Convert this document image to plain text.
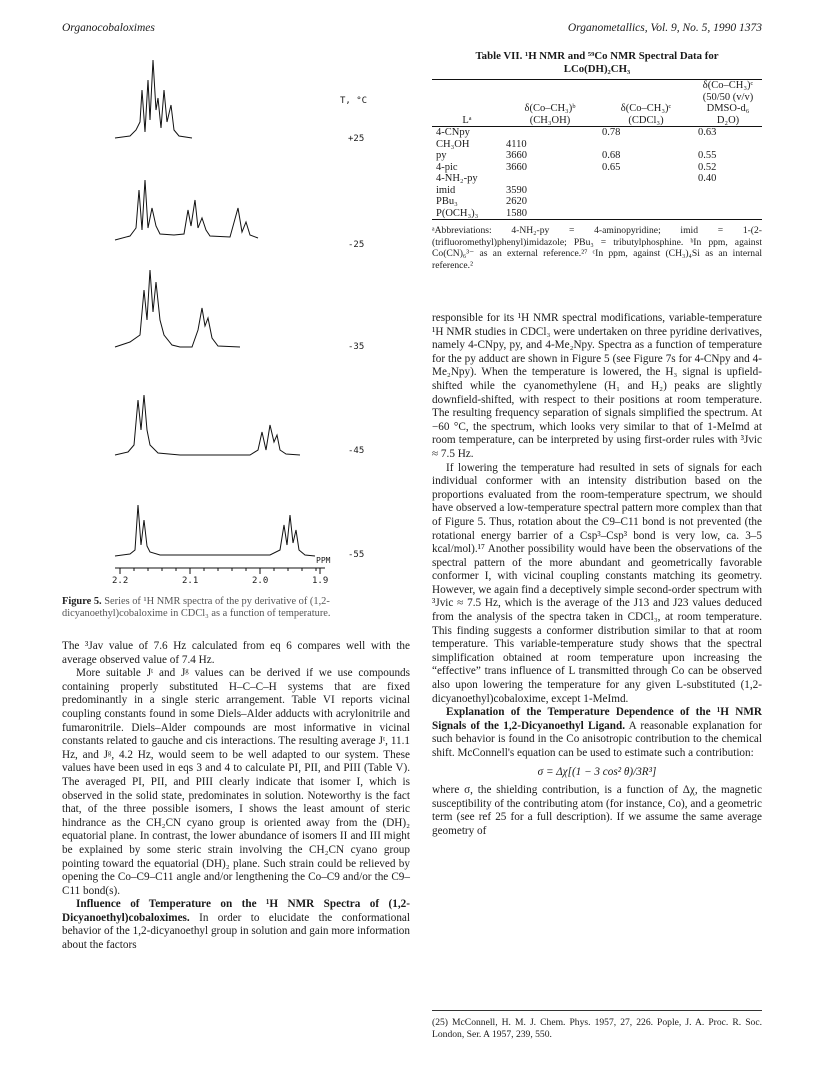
Organocobaloximes	Organometallics, Vol. 9, No. 5, 1990 1373
T, °C
+25
-25
-35
-45
-55
PPM
2.2	2.1	2.0	1.9
Figure 5. Series of ¹H NMR spectra of the py derivative of (1,2-dicyanoethyl)cobaloxime in CDCl₃ as a function of temperature.

The ³Jav value of 7.6 Hz calculated from eq 6 compares well with the average observed value of 7.4 Hz.

More suitable Jᵗ and Jᵍ values can be derived if we use compounds containing properly substituted H–C–C–H systems that are fixed predominantly in a single steric arrangement. Table VI reports vicinal coupling constants found in some Diels–Alder adducts with acrylonitrile and fumaronitrile. Diels–Alder compounds are most informative in vicinal constants related to gauche and cis interactions. The resulting average Jᵗ, 11.1 Hz, and Jᵍ, 4.2 Hz, would seem to be well adapted to our system. These values have been used in eqs 3 and 4 to calculate PI, PII, and PIII (Table V). The averaged PI, PII, and PIII clearly indicate that isomer I, which is observed in the solid state, predominates in solution. Noteworthy is the fact that, of the three possible isomers, I shows the least amount of steric hindrance as the CH₂CN cyano group is oriented away from the (DH)₂ equatorial plane. In contrast, the lower abundance of isomers II and III might be explained by some steric strain involving the CH₂CN cyano group pointing toward the equatorial (DH)₂ plane. Such strain could be relieved by opening the Co–C9–C11 angle and/or lengthening the Co–C9 and/or the C9–C11 bond(s).

Influence of Temperature on the ¹H NMR Spectra of (1,2-Dicyanoethyl)cobaloximes. In order to elucidate the conformational behavior of the 1,2-dicyanoethyl group in solution and gain more information about the factors

Table VII. ¹H NMR and ⁵⁹Co NMR Spectral Data for LCo(DH)₂CH₃
Lᵃ	δ(Co–CH₃)ᵇ (CH₃OH)	δ(Co–CH₃)ᶜ (CDCl₃)	δ(Co–CH₃)ᶜ (50/50 (v/v) DMSO-d₆ D₂O)
4-CNpy		0.78	0.63
CH₃OH	4110		
py	3660	0.68	0.55
4-pic	3660	0.65	0.52
4-NH₂-py			0.40
imid	3590		
PBu₃	2620		
P(OCH₃)₃	1580		
ᵃAbbreviations: 4-NH₂-py = 4-aminopyridine; imid = 1-(2-(trifluoromethyl)phenyl)imidazole; PBu₃ = tributylphosphine. ᵇIn ppm, against Co(CN)₆³⁻ as an external reference.²⁷ ᶜIn ppm, against (CH₃)₄Si as an internal reference.²

responsible for its ¹H NMR spectral modifications, variable-temperature ¹H NMR studies in CDCl₃ were undertaken on three pyridine derivatives, namely 4-CNpy, py, and 4-Me₂Npy. Spectra as a function of temperature for the py adduct are shown in Figure 5 (see Figure 7s for 4-CNpy and 4-Me₂Npy). When the temperature is lowered, the H₃ signal is upfield-shifted while the cyanomethylene (H₁ and H₂) peaks are slightly downfield-shifted, with respect to their positions at room temperature. The resulting frequency separation of signals simplified the spectrum. At −60 °C, the spectrum, which looks very similar to that of 1-MeImd at room temperature, can be interpreted by using first-order rules with ³Jvic ≈ 7.5 Hz.

If lowering the temperature had resulted in sets of signals for each individual conformer with an intensity distribution based on the proportions evaluated from the room-temperature spectrum, we should have observed a low-temperature spectral pattern more complex than that of Figure 5. Thus, rotation about the C9–C11 bond is not prevented (the rotational energy barrier of a Csp³–Csp³ bond is very low, ca. 3–5 kcal/mol).¹⁷ Another possibility would have been the observations of the spectral pattern of the more abundant and geometrically favorable conformer I, with vicinal coupling constants matching its geometry. However, we again find a deceptively simple second-order spectrum with ³Jvic ≈ 7.5 Hz, which is the average of the J13 and J23 values deduced from the analysis of the spectra taken in CDCl₃, at room temperature. This finding suggests a conformer distribution similar to that at room temperature. This variable-temperature study shows that the spectral simplification obtained at room temperature upon increasing the “effective” trans influence of L transmitted through Co can be observed also upon lowering the temperature for any given L-substituted (1,2-dicyanoethyl)cobaloxime, except 1-MeImd.

Explanation of the Temperature Dependence of the ¹H NMR Signals of the 1,2-Dicyanoethyl Ligand. A reasonable explanation for such behavior is found in the Co anisotropic contribution to the chemical shift. McConnell's equation can be used to estimate such a contribution:

σ = Δχ[(1 − 3 cos² θ)/3R³]

where σ, the shielding contribution, is a function of Δχ, the magnetic susceptibility of the contributing atom (for instance, Co), and a geometric term (see ref 25 for a full description). If we assume the same average geometry of

(25) McConnell, H. M. J. Chem. Phys. 1957, 27, 226. Pople, J. A. Proc. R. Soc. London, Ser. A 1957, 239, 550.
